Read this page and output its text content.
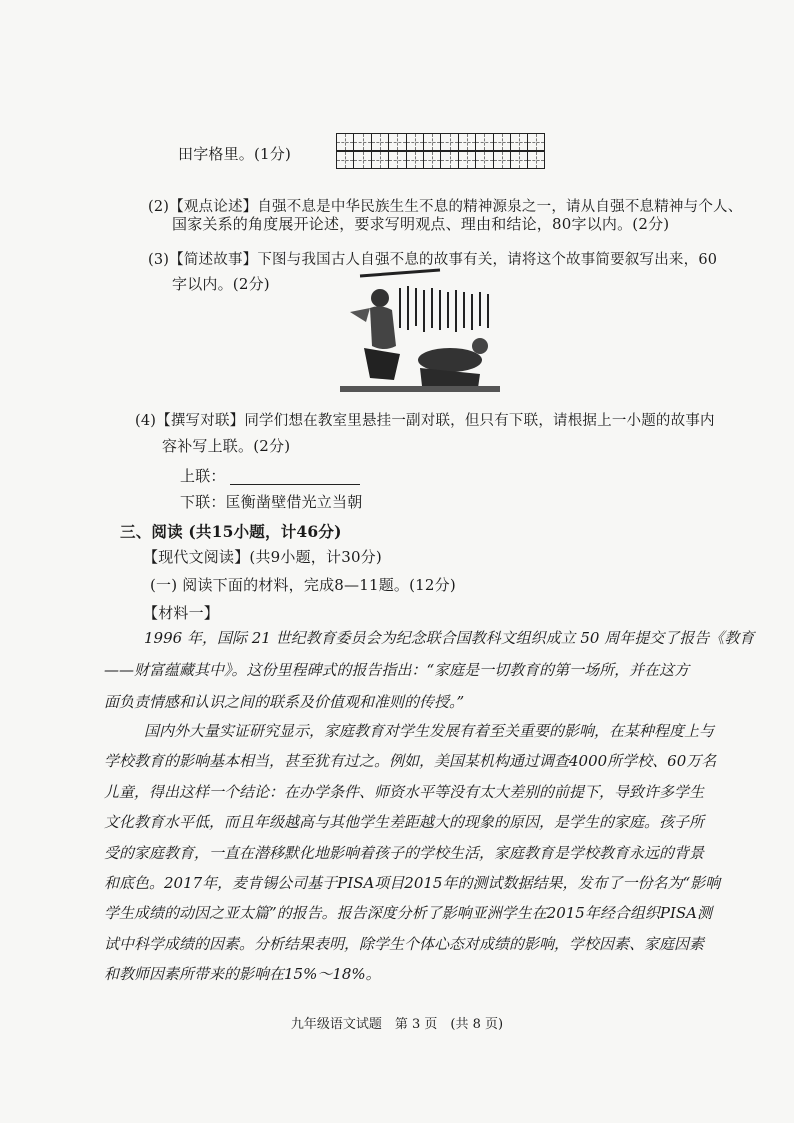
田字格里。(1分)
(2)【观点论述】自强不息是中华民族生生不息的精神源泉之一，请从自强不息精神与个人、
国家关系的角度展开论述，要求写明观点、理由和结论，80字以内。(2分)
(3)【简述故事】下图与我国古人自强不息的故事有关，请将这个故事简要叙写出来，60
字以内。(2分)
(4)【撰写对联】同学们想在教室里悬挂一副对联，但只有下联，请根据上一小题的故事内
容补写上联。(2分)
上联：
下联：匡衡凿壁借光立当朝
三、阅读 (共15小题，计46分)
【现代文阅读】(共9小题，计30分)
(一) 阅读下面的材料，完成8—11题。(12分)
【材料一】
1996 年，国际 21 世纪教育委员会为纪念联合国教科文组织成立 50 周年提交了报告《教育
——财富蕴藏其中》。这份里程碑式的报告指出：“家庭是一切教育的第一场所，并在这方
面负责情感和认识之间的联系及价值观和准则的传授。”
国内外大量实证研究显示，家庭教育对学生发展有着至关重要的影响，在某种程度上与
学校教育的影响基本相当，甚至犹有过之。例如，美国某机构通过调查4000所学校、60万名
儿童，得出这样一个结论：在办学条件、师资水平等没有太大差别的前提下，导致许多学生
文化教育水平低，而且年级越高与其他学生差距越大的现象的原因，是学生的家庭。孩子所
受的家庭教育，一直在潜移默化地影响着孩子的学校生活，家庭教育是学校教育永远的背景
和底色。2017年，麦肯锡公司基于PISA项目2015年的测试数据结果，发布了一份名为“影响
学生成绩的动因之亚太篇”的报告。报告深度分析了影响亚洲学生在2015年经合组织PISA测
试中科学成绩的因素。分析结果表明，除学生个体心态对成绩的影响，学校因素、家庭因素
和教师因素所带来的影响在15%～18%。
九年级语文试题　第 3 页　(共 8 页)
